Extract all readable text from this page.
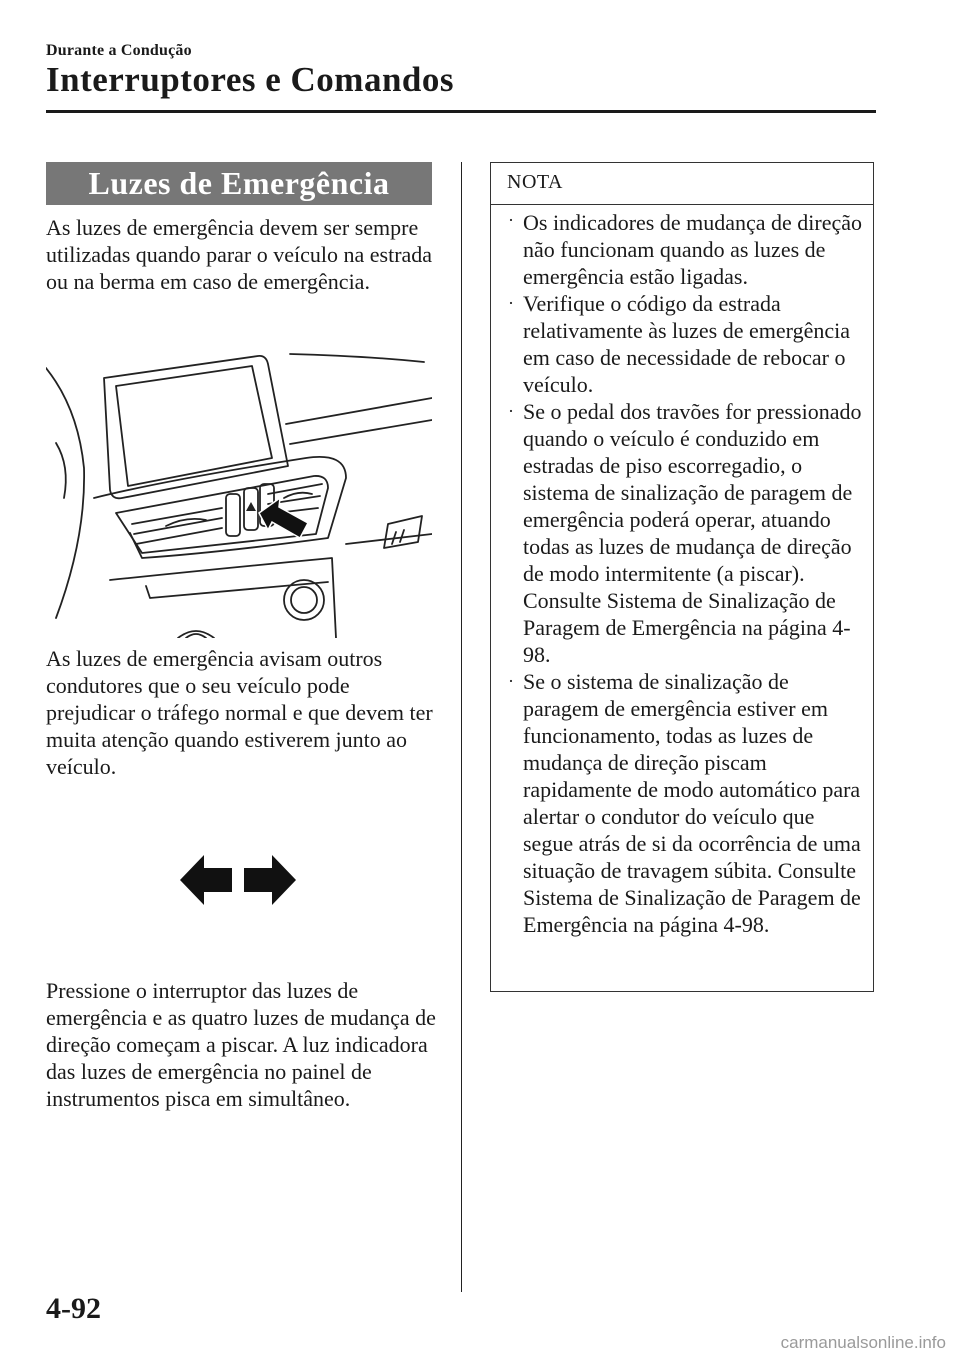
Durante a Condução
Interruptores e Comandos
Luzes de Emergência

As luzes de emergência devem ser sempre utilizadas quando parar o veículo na estrada ou na berma em caso de emergência.

As luzes de emergência avisam outros condutores que o seu veículo pode prejudicar o tráfego normal e que devem ter muita atenção quando estiverem junto ao veículo.

Pressione o interruptor das luzes de emergência e as quatro luzes de mudança de direção começam a piscar. A luz indicadora das luzes de emergência no painel de instrumentos pisca em simultâneo.

NOTA
· Os indicadores de mudança de direção não funcionam quando as luzes de emergência estão ligadas.
· Verifique o código da estrada relativamente às luzes de emergência em caso de necessidade de rebocar o veículo.
· Se o pedal dos travões for pressionado quando o veículo é conduzido em estradas de piso escorregadio, o sistema de sinalização de paragem de emergência poderá operar, atuando todas as luzes de mudança de direção de modo intermitente (a piscar). Consulte Sistema de Sinalização de Paragem de Emergência na página 4-98.
· Se o sistema de sinalização de paragem de emergência estiver em funcionamento, todas as luzes de mudança de direção piscam rapidamente de modo automático para alertar o condutor do veículo que segue atrás de si da ocorrência de uma situação de travagem súbita. Consulte Sistema de Sinalização de Paragem de Emergência na página 4-98.
4-92
carmanualsonline.info
